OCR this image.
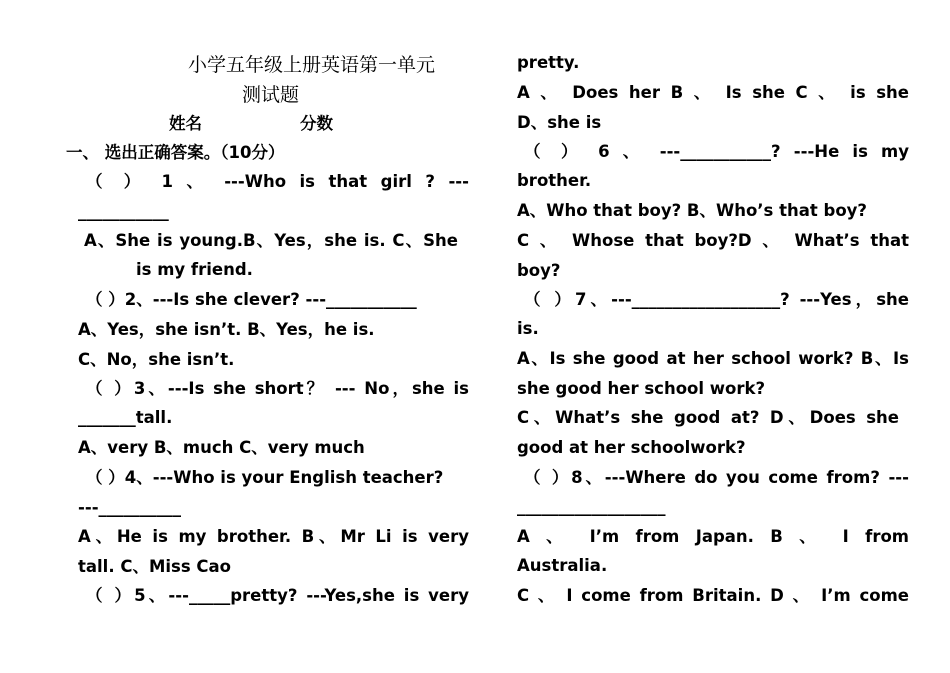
小学五年级上册英语第一单元
测试题
姓名	分数
一、 选出正确答案。（10分）
（ ） 1 、 ---Who is that girl ? ---
___________
A、She is young.B、Yes，she is. C、She
is my friend.
（ ）2、---Is she clever? ---___________
A、Yes，she isn’t. B、Yes，he is.
C、No，she isn’t.
（ ）3、---Is she short？ --- No，she is
_______tall.
A、very B、much C、very much
（ ）4、---Who is your English teacher?
---__________
A、He is my brother. B、Mr Li is very
tall. C、Miss Cao
（ ）5、---_____pretty? ---Yes,she is very
pretty.
A 、 Does her B 、 Is she C 、 is she
D、she is
（ ） 6 、 ---___________? ---He is my
brother.
A、Who that boy? B、Who’s that boy?
C 、 Whose that boy?D 、 What’s that
boy?
（ ）7、---__________________? ---Yes，she
is.
A、Is she good at her school work? B、Is
she good her school work?
C、What’s she good at? D、Does she
good at her schoolwork?
（ ）8、---Where do you come from? ---
__________________
A 、 I’m from Japan. B 、 I from
Australia.
C 、 I come from Britain. D 、 I’m come
